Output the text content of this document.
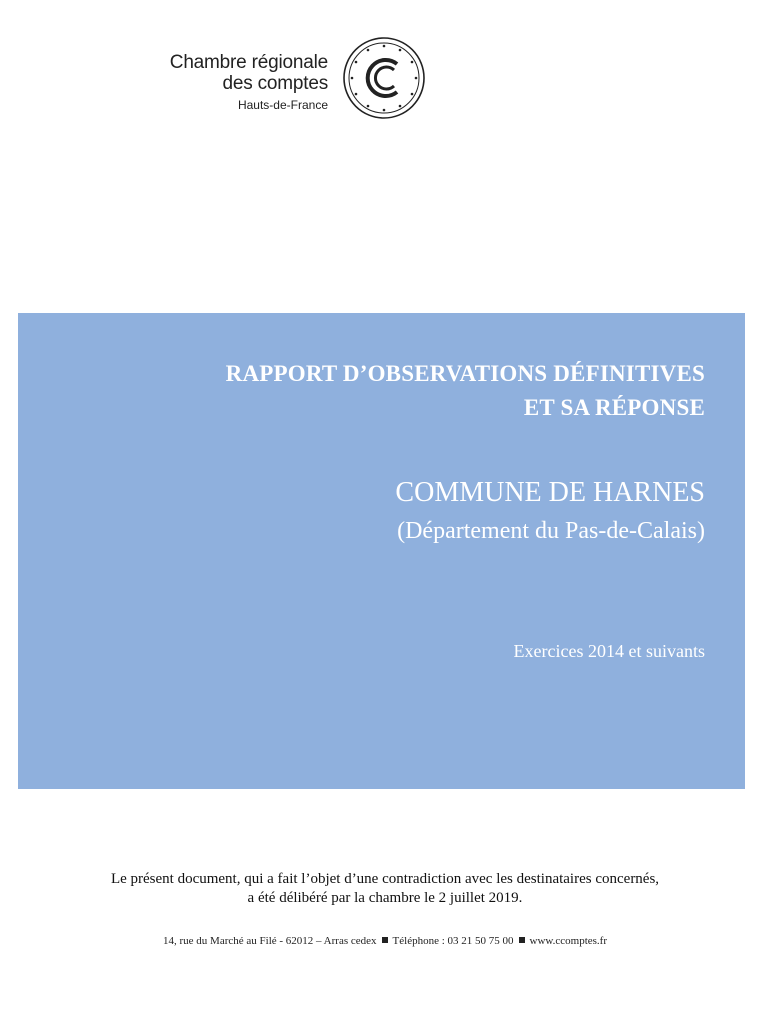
Chambre régionale
des comptes
Hauts-de-France
RAPPORT D’OBSERVATIONS DÉFINITIVES
ET SA RÉPONSE
COMMUNE DE HARNES
(Département du Pas-de-Calais)
Exercices 2014 et suivants
Le présent document, qui a fait l’objet d’une contradiction avec les destinataires concernés,
a été délibéré par la chambre le 2 juillet 2019.
14, rue du Marché au Filé - 62012 – Arras cedex Téléphone : 03 21 50 75 00 www.ccomptes.fr
